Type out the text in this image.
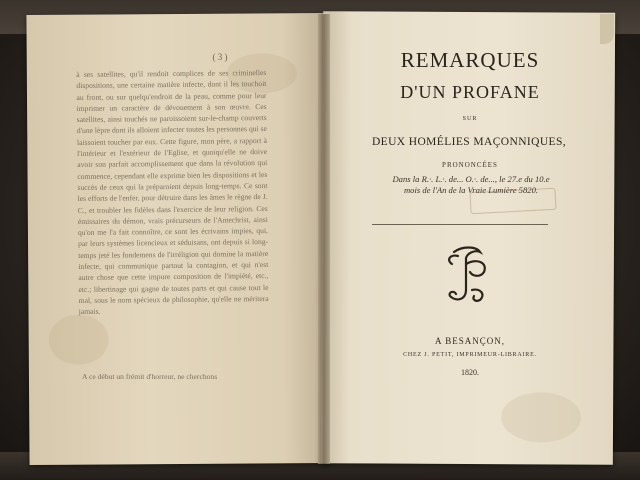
( 3 )
à ses satellites, qu'il rendoit complices de ses criminelles dispositions, une certaine matière infecte, dont il les touchoit au front, ou sur quelqu'endroit de la peau, comme pour leur imprimer un caractère de dévouement à son œuvre. Ces satellites, ainsi touchés ne paroissoient sur-le-champ couverts d'une lèpre dont ils alloient infecter toutes les personnes qui se laissoient toucher par eux. Cette figure, mon père, a rapport à l'intérieur et l'extérieur de l'Eglise, et quoiqu'elle ne doive avoir son parfait accomplissement que dans la révolution qui commence, cependant elle exprime bien les dispositions et les succès de ceux qui la préparoient depuis long-temps. Ce sont les efforts de l'enfer, pour détruire dans les âmes le règne de J. C., et troubler les fidèles dans l'exercice de leur religion. Ces émissaires du démon, vrais précurseurs de l'Antechrist, ainsi qu'on me l'a fait connoître, ce sont les écrivains impies, qui, par leurs systèmes licencieux et séduisans, ont depuis si long-temps jeté les fondemens de l'irréligion qui domine la matière infecte, qui communique partout la contagion, et qui n'est autre chose que cette impure composition de l'impiété, etc., etc.; libertinage qui gagne de toutes parts et qui cause tout le mal, sous le nom spécieux de philosophie, qu'elle ne méritera jamais.
A ce début un frémit d'horreur, ne cherchons
REMARQUES
D'UN PROFANE
SUR
DEUX HOMÉLIES MAÇONNIQUES,
PRONONCÉES
Dans la R.·. L.·. de... O.·. de..., le 27.e du 10.e
mois de l'An de la Vraie Lumière 5820.
A BESANÇON,
CHEZ J. PETIT, IMPRIMEUR-LIBRAIRE.
1820.
